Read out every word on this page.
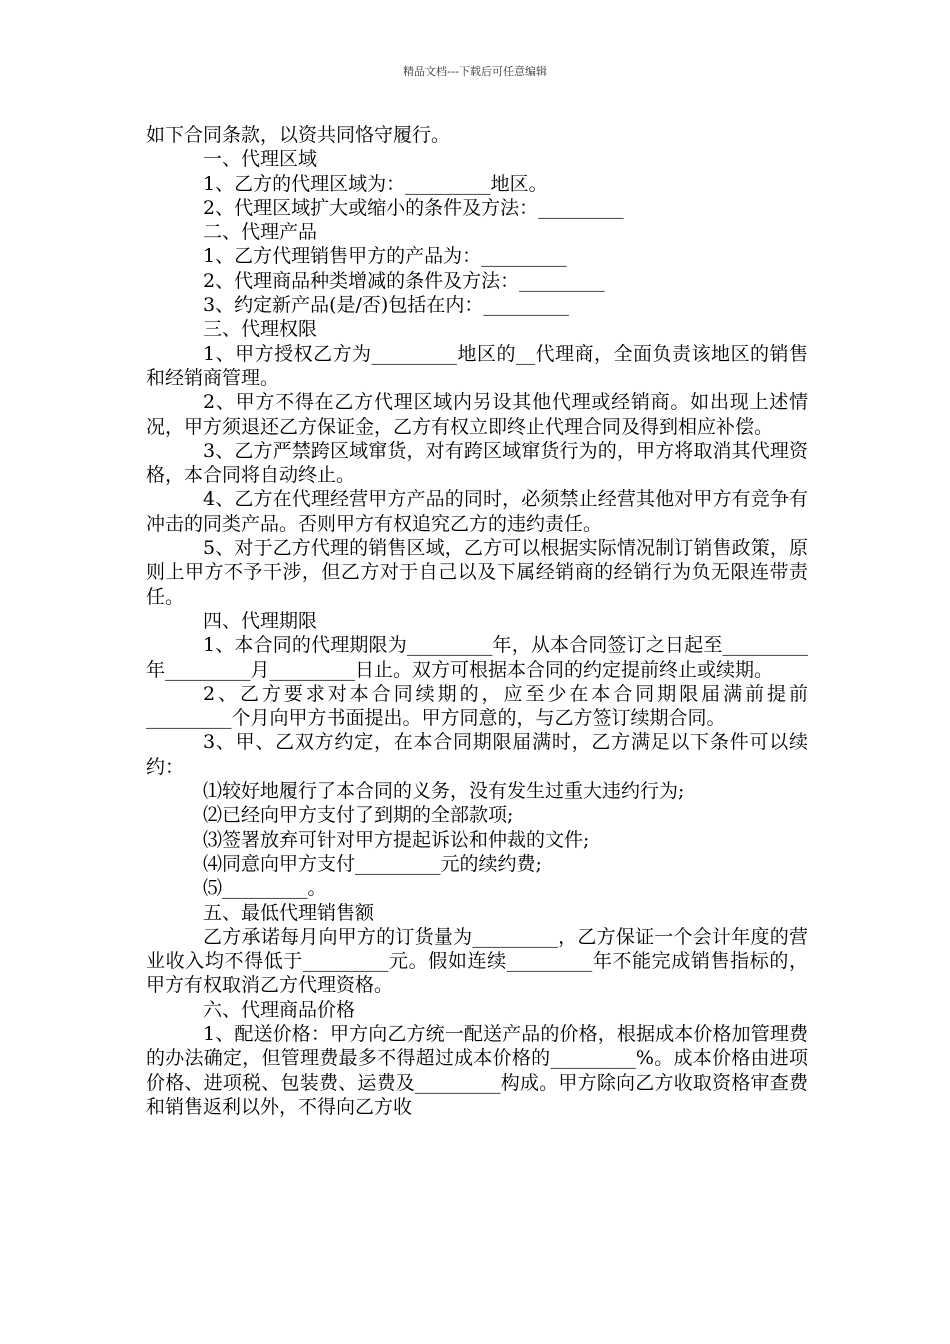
精品文档---下载后可任意编辑

如下合同条款，以资共同恪守履行。

一、代理区域

1、乙方的代理区域为：_________地区。

2、代理区域扩大或缩小的条件及方法：_________

二、代理产品

1、乙方代理销售甲方的产品为：_________

2、代理商品种类增减的条件及方法：_________

3、约定新产品(是/否)包括在内：_________

三、代理权限

1、甲方授权乙方为_________地区的__代理商，全面负责该地区的销售和经销商管理。

2、甲方不得在乙方代理区域内另设其他代理或经销商。如出现上述情况，甲方须退还乙方保证金，乙方有权立即终止代理合同及得到相应补偿。

3、乙方严禁跨区域窜货，对有跨区域窜货行为的，甲方将取消其代理资格，本合同将自动终止。

4、乙方在代理经营甲方产品的同时，必须禁止经营其他对甲方有竞争有冲击的同类产品。否则甲方有权追究乙方的违约责任。

5、对于乙方代理的销售区域，乙方可以根据实际情况制订销售政策，原则上甲方不予干涉，但乙方对于自己以及下属经销商的经销行为负无限连带责任。

四、代理期限

1、本合同的代理期限为_________年，从本合同签订之日起至_________年_________月_________日止。双方可根据本合同的约定提前终止或续期。

2、乙方要求对本合同续期的，应至少在本合同期限届满前提前_________个月向甲方书面提出。甲方同意的，与乙方签订续期合同。

3、甲、乙双方约定，在本合同期限届满时，乙方满足以下条件可以续约：

⑴较好地履行了本合同的义务，没有发生过重大违约行为;

⑵已经向甲方支付了到期的全部款项;

⑶签署放弃可针对甲方提起诉讼和仲裁的文件;

⑷同意向甲方支付_________元的续约费;

⑸_________。

五、最低代理销售额

乙方承诺每月向甲方的订货量为_________，乙方保证一个会计年度的营业收入均不得低于_________元。假如连续_________年不能完成销售指标的，甲方有权取消乙方代理资格。

六、代理商品价格

1、配送价格：甲方向乙方统一配送产品的价格，根据成本价格加管理费的办法确定，但管理费最多不得超过成本价格的_________%。成本价格由进项价格、进项税、包装费、运费及_________构成。甲方除向乙方收取资格审查费和销售返利以外，不得向乙方收
